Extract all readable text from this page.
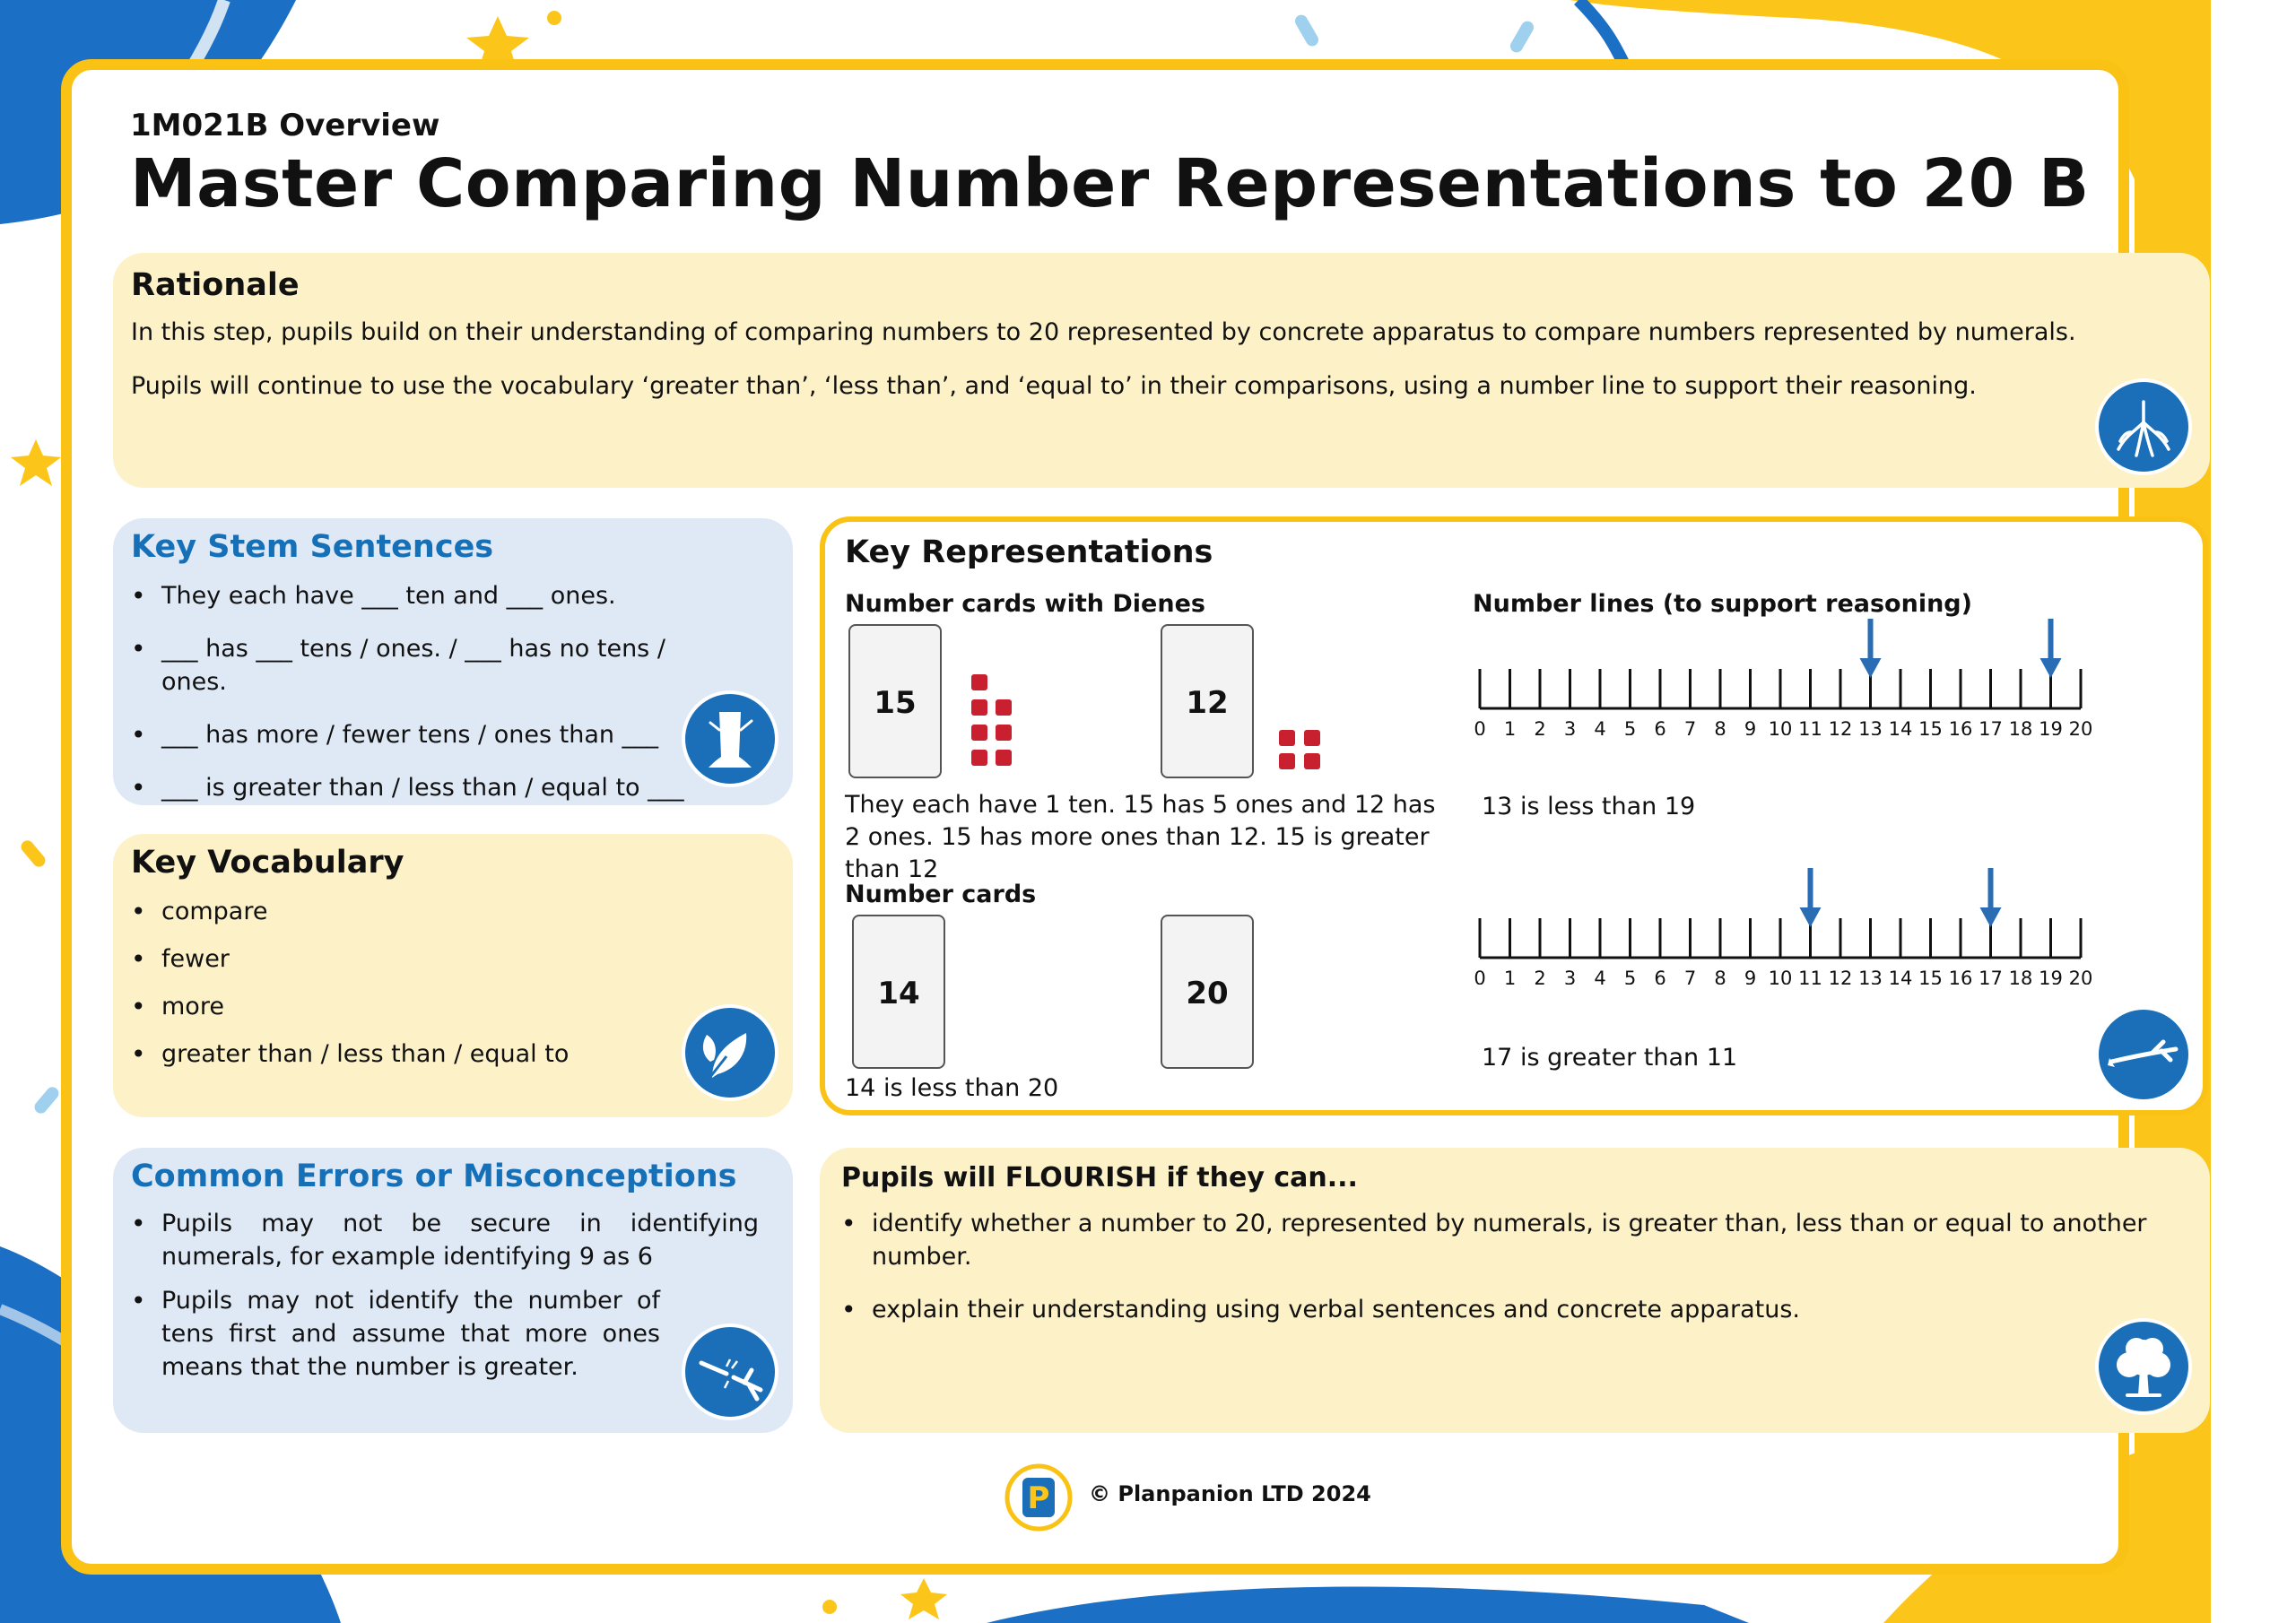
1M021B Overview
Master Comparing Number Representations to 20 B
Rationale

In this step, pupils build on their understanding of comparing numbers to 20 represented by concrete apparatus to compare numbers represented by numerals.

Pupils will continue to use the vocabulary ‘greater than’, ‘less than’, and ‘equal to’ in their comparisons, using a number line to support their reasoning.

Key Stem Sentences
• They each have ___ ten and ___ ones.
• ___ has ___ tens / ones. / ___ has no tens / ones.
• ___ has more / fewer tens / ones than ___
• ___ is greater than / less than / equal to ___
Key Vocabulary
• compare
• fewer
• more
• greater than / less than / equal to
Common Errors or Misconceptions
• Pupils may not be secure in identifying numerals, for example identifying 9 as 6
• Pupils may not identify the number of tens first and assume that more ones means that the number is greater.
Key Representations
Number cards with Dienes
15	12
They each have 1 ten. 15 has 5 ones and 12 has 2 ones. 15 has more ones than 12. 15 is greater than 12
Number cards
14	20
14 is less than 20
Number lines (to support reasoning)
0 1 2 3 4 5 6 7 8 9 10 11 12 13 14 15 16 17 18 19 20
13 is less than 19
0 1 2 3 4 5 6 7 8 9 10 11 12 13 14 15 16 17 18 19 20
17 is greater than 11
Pupils will FLOURISH if they can...
• identify whether a number to 20, represented by numerals, is greater than, less than or equal to another number.
• explain their understanding using verbal sentences and concrete apparatus.
P © Planpanion LTD 2024
